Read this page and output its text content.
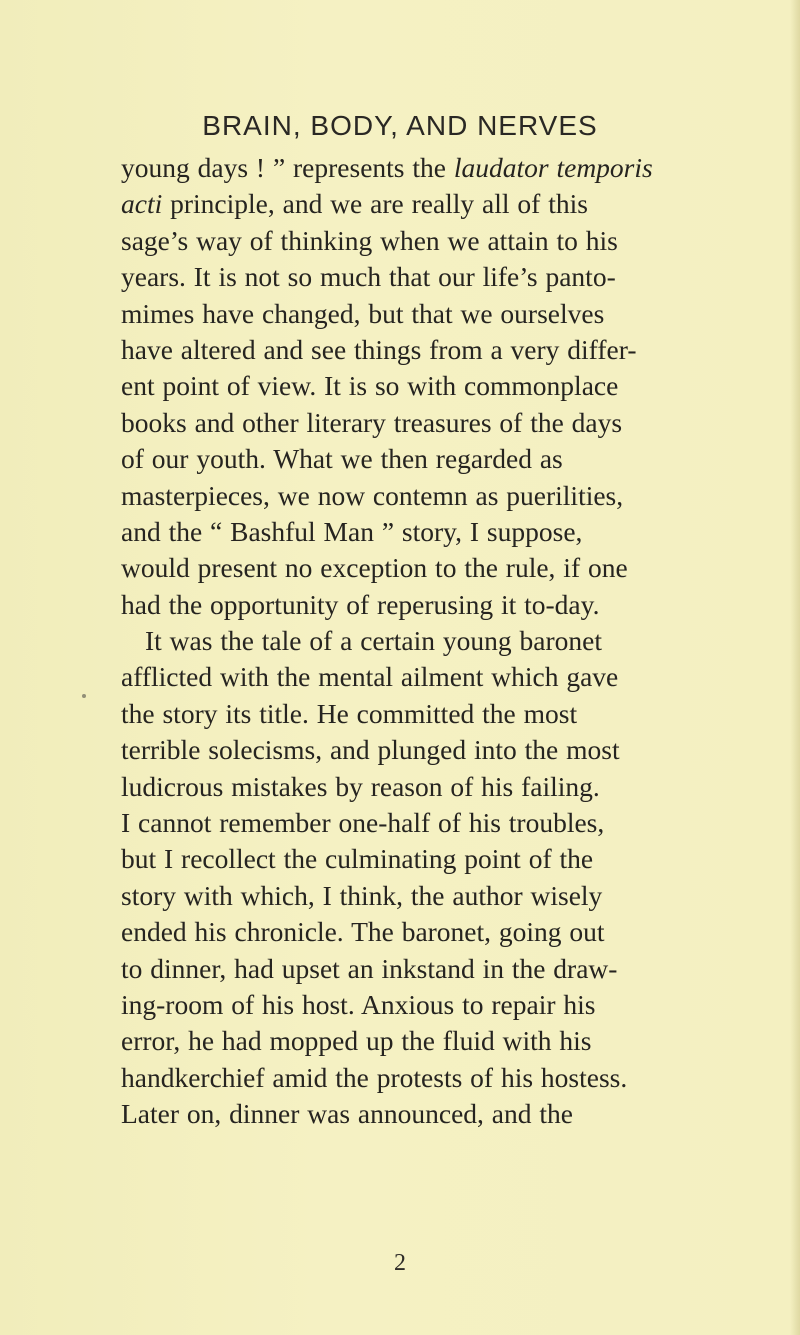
BRAIN, BODY, AND NERVES
young days ! ” represents the laudator temporis
acti principle, and we are really all of this
sage’s way of thinking when we attain to his
years. It is not so much that our life’s panto-
mimes have changed, but that we ourselves
have altered and see things from a very differ-
ent point of view. It is so with commonplace
books and other literary treasures of the days
of our youth. What we then regarded as
masterpieces, we now contemn as puerilities,
and the “ Bashful Man ” story, I suppose,
would present no exception to the rule, if one
had the opportunity of reperusing it to-day.
It was the tale of a certain young baronet
afflicted with the mental ailment which gave
the story its title. He committed the most
terrible solecisms, and plunged into the most
ludicrous mistakes by reason of his failing.
I cannot remember one-half of his troubles,
but I recollect the culminating point of the
story with which, I think, the author wisely
ended his chronicle. The baronet, going out
to dinner, had upset an inkstand in the draw-
ing-room of his host. Anxious to repair his
error, he had mopped up the fluid with his
handkerchief amid the protests of his hostess.
Later on, dinner was announced, and the
2
